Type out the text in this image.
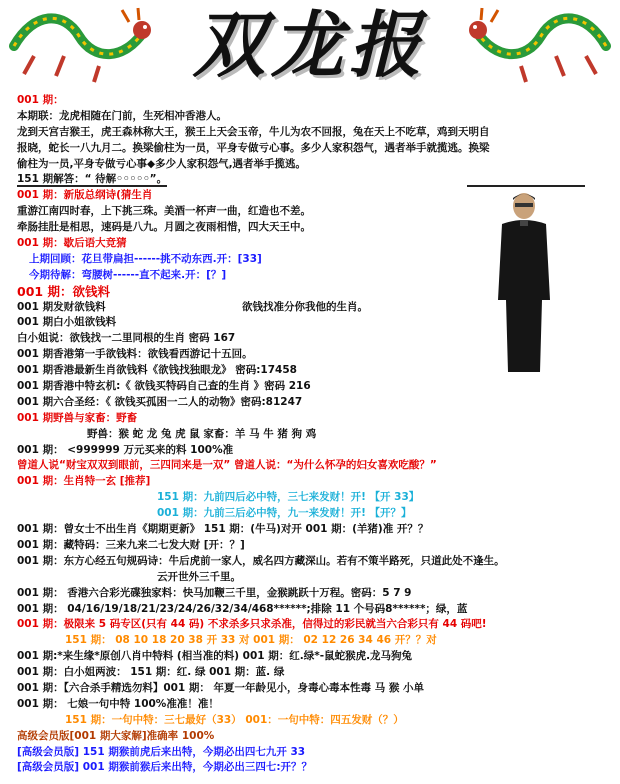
双龙报
001 期：
本期联：龙虎相随在门前，生死相冲香港人。
龙到天宫吉猴王，虎王森林称大王，猴王上天会玉帝，牛儿为农不回报，兔在天上不吃草，鸡到天明自
报晓，蛇长一八九月二。换梁偷柱为一员，平身专做亏心事。多少人家积怨气，遇者举手就揽逃。换梁
偷柱为一员,平身专做亏心事◆多少人家积怨气,遇者举手揽逃。
151 期解答：“ 待解◦◦◦◦◦”。
001 期：新版总纲诗(猜生肖
重游江南四时春，上下挑三珠。美酒一杯声一曲，红造也不差。
牵肠挂肚是相思，速码是八九。月圆之夜雨相惜，四大天王中。
001 期：歇后语大竞猜
上期回顾：花旦带扁担------挑不动东西.开：[33]
今期待解：弯腰树------直不起来.开：[？]
001 期：欲钱料
001 期发财欲钱料	欲钱找准分你我他的生肖。
001 期白小姐欲钱料
白小姐说：欲钱找一二里同根的生肖 密码 167
001 期香港第一手欲钱料：欲钱看西游记十五回。
001 期香港最新生肖欲钱料《欲钱找独眼龙》 密码:17458
001 期香港中特玄机:《 欲钱买特码自己查的生肖 》密码 216
001 期六合圣经：《 欲钱买孤困一二人的动物》密码:81247
001 期野兽与家畜：野畜
野兽：猴 蛇 龙 兔 虎 鼠 家畜：羊 马 牛 猪 狗 鸡
001 期： <999999 万元买来的料 100%准
曾道人说“财宝双双到眼前，三四同来是一双” 曾道人说：“为什么怀孕的妇女喜欢吃酸？”
001 期：生肖特一玄 [推荐]
151 期：九前四后必中特，三七来发财！开! 【开 33】
001 期：九前三后必中特，九一来发财！开! 【开？】
001 期：曾女士不出生肖《期期更新》 151 期：(牛马)对开 001 期：(羊猪)准 开？？
001 期：藏特码：三来九来二七发大财 [开：？]
001 期：东方心经五句规码诗：牛后虎前一家人，威名四方藏深山。若有不策半路死，只道此处不逢生。
云开世外三千里。
001 期： 香港六合彩光碟独家料：快马加鞭三千里，金猴跳跃十万程。密码：5 7 9
001 期： 04/16/19/18/21/23/24/26/32/34/468******;排除 11 个号码8******；绿，蓝
001 期：极限来 5 码专区(只有 44 码) 不求杀多只求杀准，信得过的彩民就当六合彩只有 44 码吧!
151 期： 08 10 18 20 38 开 33 对 001 期： 02 12 26 34 46 开？？对
001 期:*来生缘*原创八肖中特料 (相当准的料) 001 期：红.绿*-鼠蛇猴虎.龙马狗兔
001 期：白小姐两波： 151 期：红. 绿 001 期：蓝. 绿
001 期：【六合杀手精选勿料】001 期： 年夏一年龄见小，身毒心毒本性毒 马 猴 小单
001 期： 七娘一句中特 100%准准！准！
151 期：一句中特：三七最好（33） 001：一句中特：四五发财（？）
高级会员版[001 期大家解]准确率 100%
[高级会员版] 151 期猴前虎后来出特，今期必出四七九开 33
[高级会员版] 001 期猴前猴后来出特，今期必出三四七:开？？
